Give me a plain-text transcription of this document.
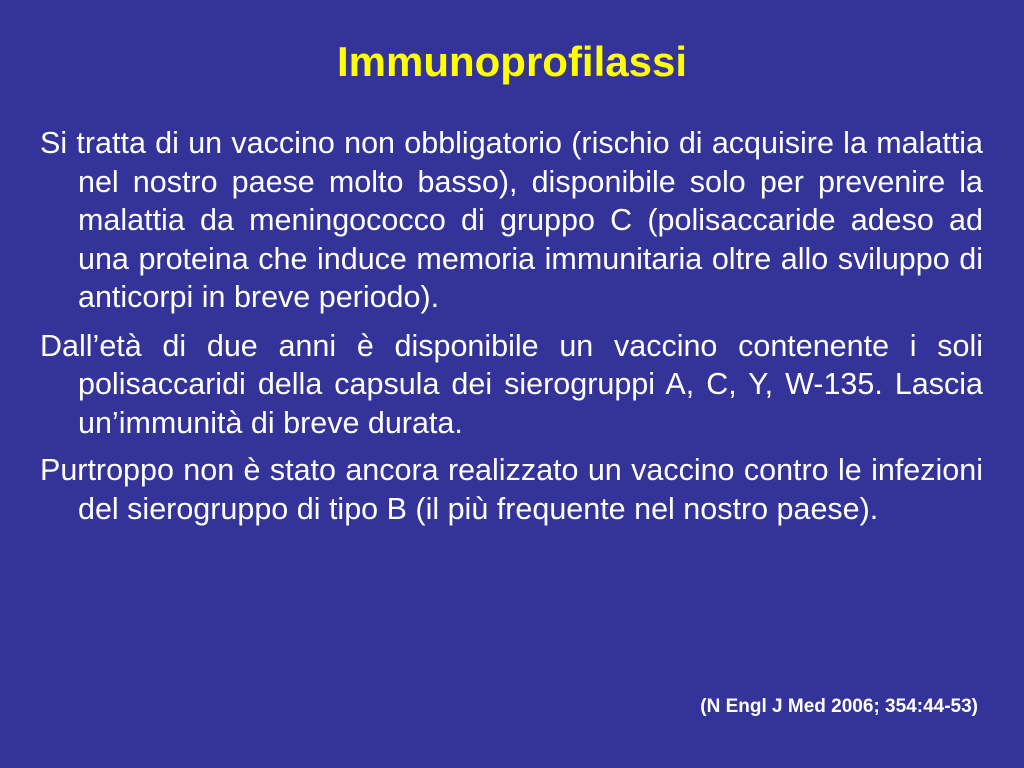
Immunoprofilassi

Si tratta di un vaccino non obbligatorio (rischio di acquisire la malattia nel nostro paese molto basso), disponibile solo per prevenire la malattia da meningococco di gruppo C (polisaccaride adeso ad una proteina che induce memoria immunitaria oltre allo sviluppo di anticorpi in breve periodo).

Dall’età di due anni è disponibile un vaccino contenente i soli polisaccaridi della capsula dei sierogruppi A, C, Y, W-135. Lascia un’immunità di breve durata.

Purtroppo non è stato ancora realizzato un vaccino contro le infezioni del sierogruppo di tipo B (il più frequente nel nostro paese).

(N Engl J Med 2006; 354:44-53)
